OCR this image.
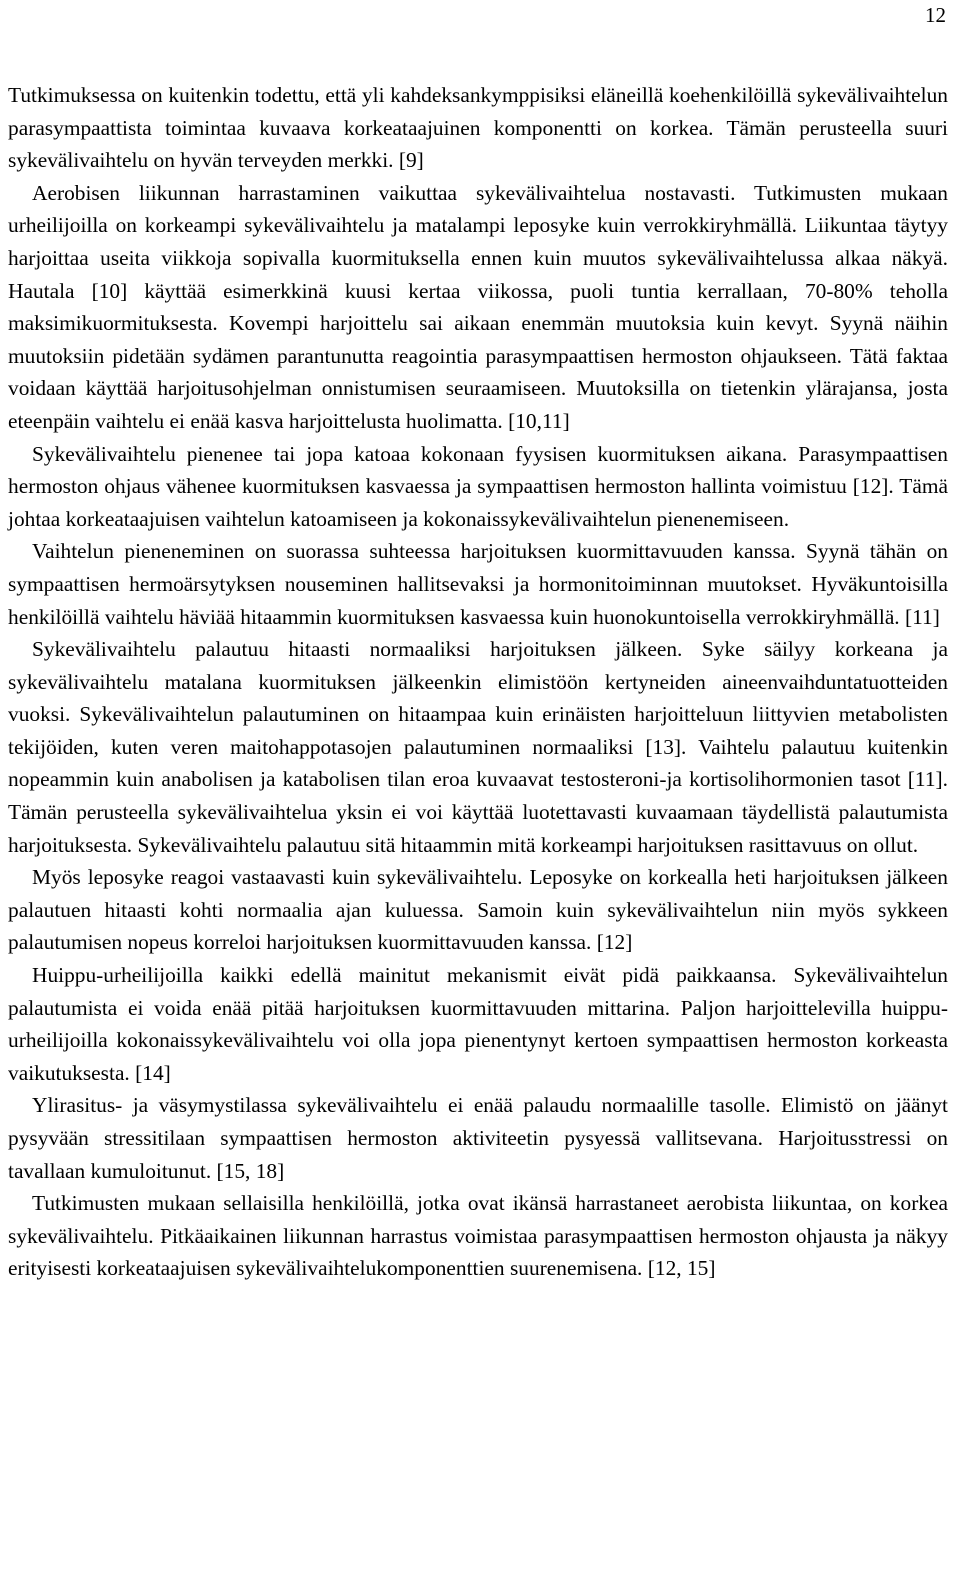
12

Tutkimuksessa on kuitenkin todettu, että yli kahdeksankymppisiksi eläneillä koehenkilöillä sykevälivaihtelun parasympaattista toimintaa kuvaava korkeataajuinen komponentti on korkea. Tämän perusteella suuri sykevälivaihtelu on hyvän terveyden merkki. [9]

Aerobisen liikunnan harrastaminen vaikuttaa sykevälivaihtelua nostavasti. Tutkimusten mukaan urheilijoilla on korkeampi sykevälivaihtelu ja matalampi leposyke kuin verrokkiryhmällä. Liikuntaa täytyy harjoittaa useita viikkoja sopivalla kuormituksella ennen kuin muutos sykevälivaihtelussa alkaa näkyä. Hautala [10] käyttää esimerkkinä kuusi kertaa viikossa, puoli tuntia kerrallaan, 70-80% teholla maksimikuormituksesta. Kovempi harjoittelu sai aikaan enemmän muutoksia kuin kevyt. Syynä näihin muutoksiin pidetään sydämen parantunutta reagointia parasympaattisen hermoston ohjaukseen. Tätä faktaa voidaan käyttää harjoitusohjelman onnistumisen seuraamiseen. Muutoksilla on tietenkin ylärajansa, josta eteenpäin vaihtelu ei enää kasva harjoittelusta huolimatta. [10,11]

Sykevälivaihtelu pienenee tai jopa katoaa kokonaan fyysisen kuormituksen aikana. Parasympaattisen hermoston ohjaus vähenee kuormituksen kasvaessa ja sympaattisen hermoston hallinta voimistuu [12]. Tämä johtaa korkeataajuisen vaihtelun katoamiseen ja kokonaissykevälivaihtelun pienenemiseen.

Vaihtelun pieneneminen on suorassa suhteessa harjoituksen kuormittavuuden kanssa. Syynä tähän on sympaattisen hermoärsytyksen nouseminen hallitsevaksi ja hormonitoiminnan muutokset. Hyväkuntoisilla henkilöillä vaihtelu häviää hitaammin kuormituksen kasvaessa kuin huonokuntoisella verrokkiryhmällä. [11]

Sykevälivaihtelu palautuu hitaasti normaaliksi harjoituksen jälkeen. Syke säilyy korkeana ja sykevälivaihtelu matalana kuormituksen jälkeenkin elimistöön kertyneiden aineenvaihduntatuotteiden vuoksi. Sykevälivaihtelun palautuminen on hitaampaa kuin erinäisten harjoitteluun liittyvien metabolisten tekijöiden, kuten veren maitohappotasojen palautuminen normaaliksi [13]. Vaihtelu palautuu kuitenkin nopeammin kuin anabolisen ja katabolisen tilan eroa kuvaavat testosteroni-ja kortisolihormonien tasot [11]. Tämän perusteella sykevälivaihtelua yksin ei voi käyttää luotettavasti kuvaamaan täydellistä palautumista harjoituksesta. Sykevälivaihtelu palautuu sitä hitaammin mitä korkeampi harjoituksen rasittavuus on ollut.

Myös leposyke reagoi vastaavasti kuin sykevälivaihtelu. Leposyke on korkealla heti harjoituksen jälkeen palautuen hitaasti kohti normaalia ajan kuluessa. Samoin kuin sykevälivaihtelun niin myös sykkeen palautumisen nopeus korreloi harjoituksen kuormittavuuden kanssa. [12]

Huippu-urheilijoilla kaikki edellä mainitut mekanismit eivät pidä paikkaansa. Sykevälivaihtelun palautumista ei voida enää pitää harjoituksen kuormittavuuden mittarina. Paljon harjoittelevilla huippu-urheilijoilla kokonaissykevälivaihtelu voi olla jopa pienentynyt kertoen sympaattisen hermoston korkeasta vaikutuksesta. [14]

Ylirasitus- ja väsymystilassa sykevälivaihtelu ei enää palaudu normaalille tasolle. Elimistö on jäänyt pysyvään stressitilaan sympaattisen hermoston aktiviteetin pysyessä vallitsevana. Harjoitusstressi on tavallaan kumuloitunut. [15, 18]

Tutkimusten mukaan sellaisilla henkilöillä, jotka ovat ikänsä harrastaneet aerobista liikuntaa, on korkea sykevälivaihtelu. Pitkäaikainen liikunnan harrastus voimistaa parasympaattisen hermoston ohjausta ja näkyy erityisesti korkeataajuisen sykevälivaihtelukomponenttien suurenemisena. [12, 15]
